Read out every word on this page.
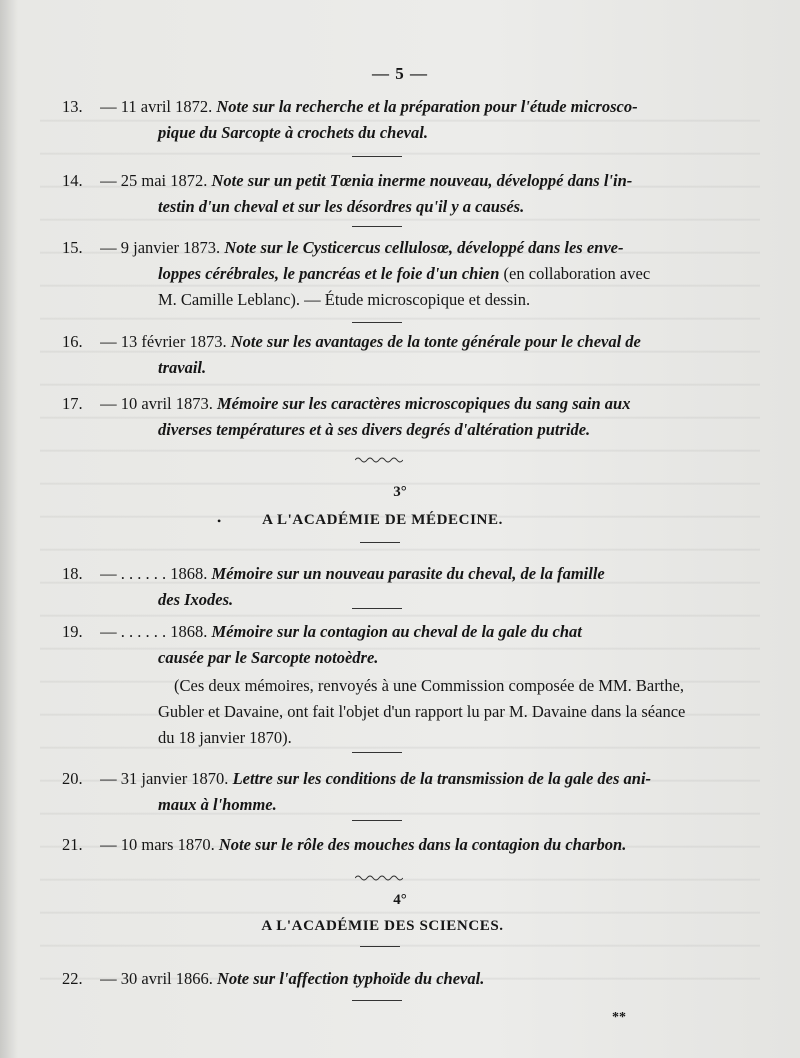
— 5 —
13. — 11 avril 1872. Note sur la recherche et la préparation pour l'étude microsco-
pique du Sarcopte à crochets du cheval.
14. — 25 mai 1872. Note sur un petit Tœnia inerme nouveau, développé dans l'in-
testin d'un cheval et sur les désordres qu'il y a causés.
15. — 9 janvier 1873. Note sur le Cysticercus cellulosœ, développé dans les enve-
loppes cérébrales, le pancréas et le foie d'un chien (en collaboration avec
M. Camille Leblanc). — Étude microscopique et dessin.
16. — 13 février 1873. Note sur les avantages de la tonte générale pour le cheval de
travail.
17. — 10 avril 1873. Mémoire sur les caractères microscopiques du sang sain aux
diverses températures et à ses divers degrés d'altération putride.
3°
•	A L'ACADÉMIE DE MÉDECINE.
18. — . . . . . . 1868. Mémoire sur un nouveau parasite du cheval, de la famille
des Ixodes.
19. — . . . . . . 1868. Mémoire sur la contagion au cheval de la gale du chat
causée par le Sarcopte notoèdre.
(Ces deux mémoires, renvoyés à une Commission composée de MM. Barthe, Gubler et Davaine, ont fait l'objet d'un rapport lu par M. Davaine dans la séance du 18 janvier 1870).
20. — 31 janvier 1870. Lettre sur les conditions de la transmission de la gale des ani-
maux à l'homme.
21. — 10 mars 1870. Note sur le rôle des mouches dans la contagion du charbon.
4°
A L'ACADÉMIE DES SCIENCES.
22. — 30 avril 1866. Note sur l'affection typhoïde du cheval.
**
